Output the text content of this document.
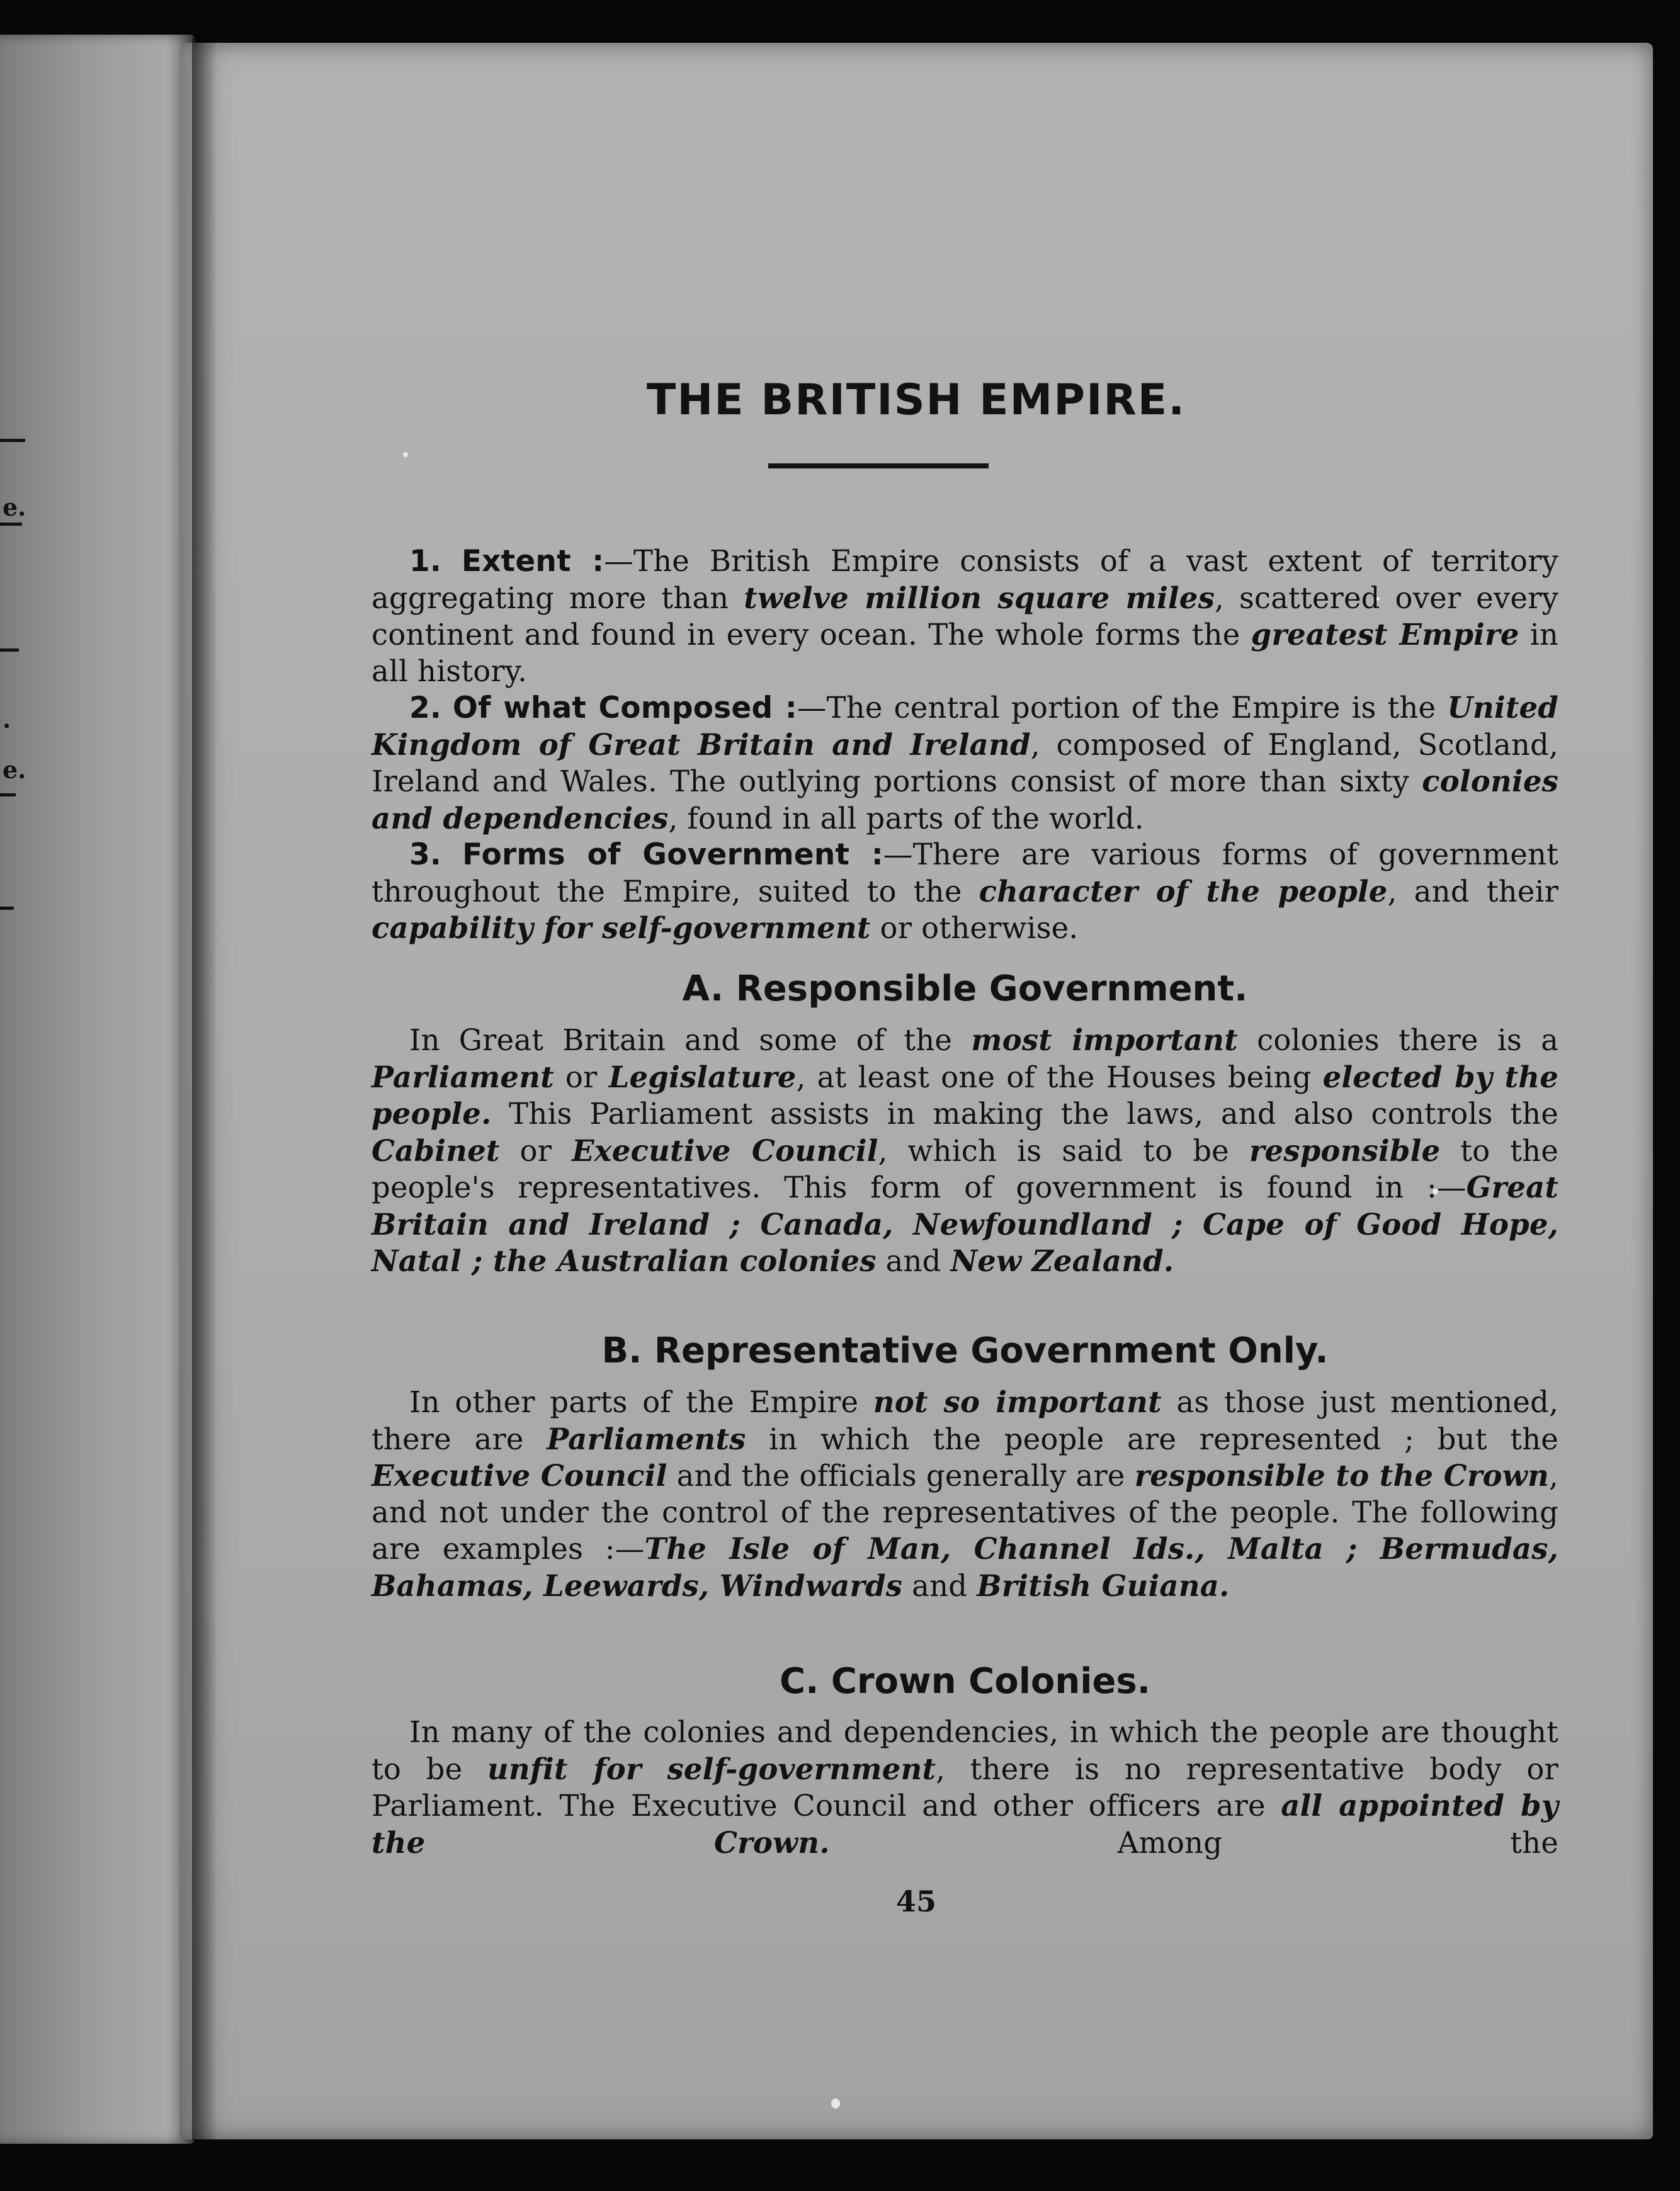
e.
.
e.
THE BRITISH EMPIRE.

1. Extent :—The British Empire consists of a vast extent of territory aggregating more than twelve million square miles, scattered over every continent and found in every ocean. The whole forms the greatest Empire in all history.

2. Of what Composed :—The central portion of the Empire is the United Kingdom of Great Britain and Ireland, composed of England, Scotland, Ireland and Wales. The outlying portions consist of more than sixty colonies and dependencies, found in all parts of the world.

3. Forms of Government :—There are various forms of government throughout the Empire, suited to the character of the people, and their capability for self-government or otherwise.

A. Responsible Government.

In Great Britain and some of the most important colonies there is a Parliament or Legislature, at least one of the Houses being elected by the people. This Parliament assists in making the laws, and also controls the Cabinet or Executive Council, which is said to be responsible to the people's representatives. This form of government is found in :—Great Britain and Ireland ; Canada, Newfoundland ; Cape of Good Hope, Natal ; the Australian colonies and New Zealand.

B. Representative Government Only.

In other parts of the Empire not so important as those just mentioned, there are Parliaments in which the people are represented ; but the Executive Council and the officials generally are responsible to the Crown, and not under the control of the representatives of the people. The following are examples :—The Isle of Man, Channel Ids., Malta ; Bermudas, Bahamas, Leewards, Windwards and British Guiana.

C. Crown Colonies.

In many of the colonies and dependencies, in which the people are thought to be unfit for self-government, there is no representative body or Parliament. The Executive Council and other officers are all appointed by the Crown. Among the

45
